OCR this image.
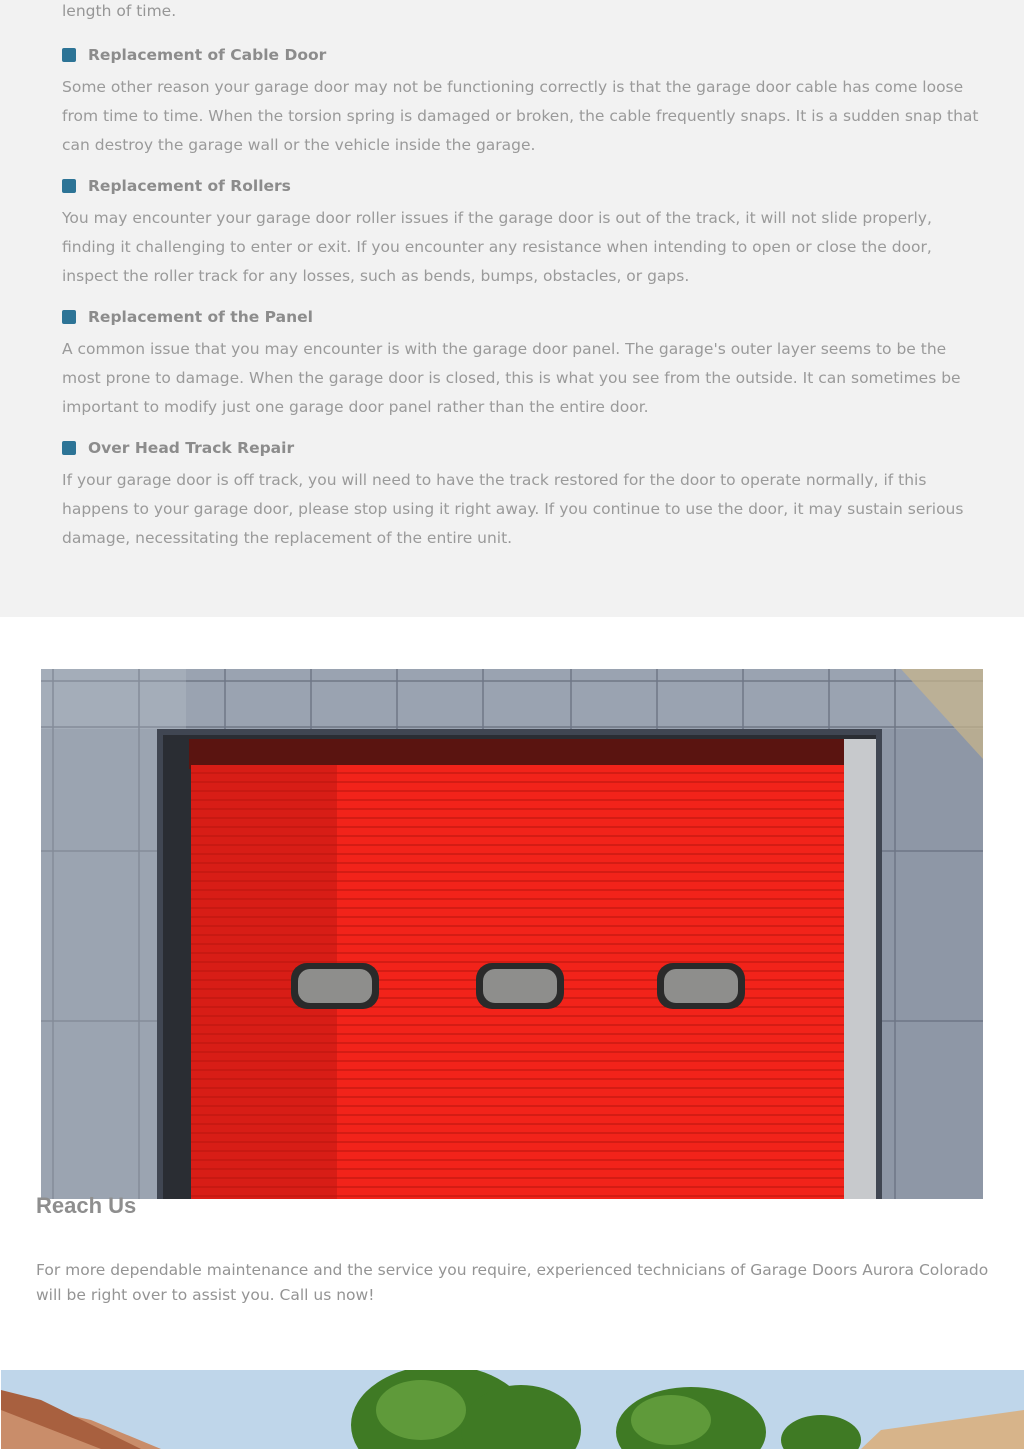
length of time.

Replacement of Cable Door
Some other reason your garage door may not be functioning correctly is that the garage door cable has come loose from time to time. When the torsion spring is damaged or broken, the cable frequently snaps. It is a sudden snap that can destroy the garage wall or the vehicle inside the garage.
Replacement of Rollers
You may encounter your garage door roller issues if the garage door is out of the track, it will not slide properly, finding it challenging to enter or exit. If you encounter any resistance when intending to open or close the door, inspect the roller track for any losses, such as bends, bumps, obstacles, or gaps.
Replacement of the Panel
A common issue that you may encounter is with the garage door panel. The garage's outer layer seems to be the most prone to damage. When the garage door is closed, this is what you see from the outside. It can sometimes be important to modify just one garage door panel rather than the entire door.
Over Head Track Repair
If your garage door is off track, you will need to have the track restored for the door to operate normally, if this happens to your garage door, please stop using it right away. If you continue to use the door, it may sustain serious damage, necessitating the replacement of the entire unit.
Reach Us

For more dependable maintenance and the service you require, experienced technicians of Garage Doors Aurora Colorado will be right over to assist you. Call us now!
